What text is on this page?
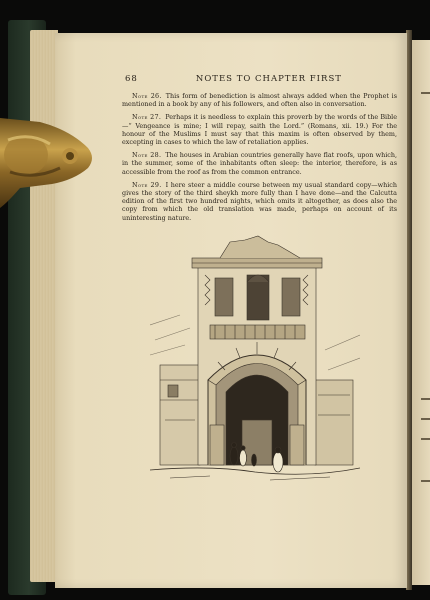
68	NOTES TO CHAPTER FIRST

Note 26. This form of benediction is almost always added when the Prophet is mentioned in a book by any of his followers, and often also in conversation.

Note 27. Perhaps it is needless to explain this proverb by the words of the Bible—“ Vengeance is mine; I will repay, saith the Lord.” (Romans, xii. 19.) For the honour of the Muslims I must say that this maxim is often observed by them, excepting in cases to which the law of retaliation applies.

Note 28. The houses in Arabian countries generally have flat roofs, upon which, in the summer, some of the inhabitants often sleep: the interior, therefore, is as accessible from the roof as from the common entrance.

Note 29. I here steer a middle course between my usual standard copy—which gives the story of the third sheykh more fully than I have done—and the Calcutta edition of the first two hundred nights, which omits it altogether, as does also the copy from which the old translation was made, perhaps on account of its uninteresting nature.
